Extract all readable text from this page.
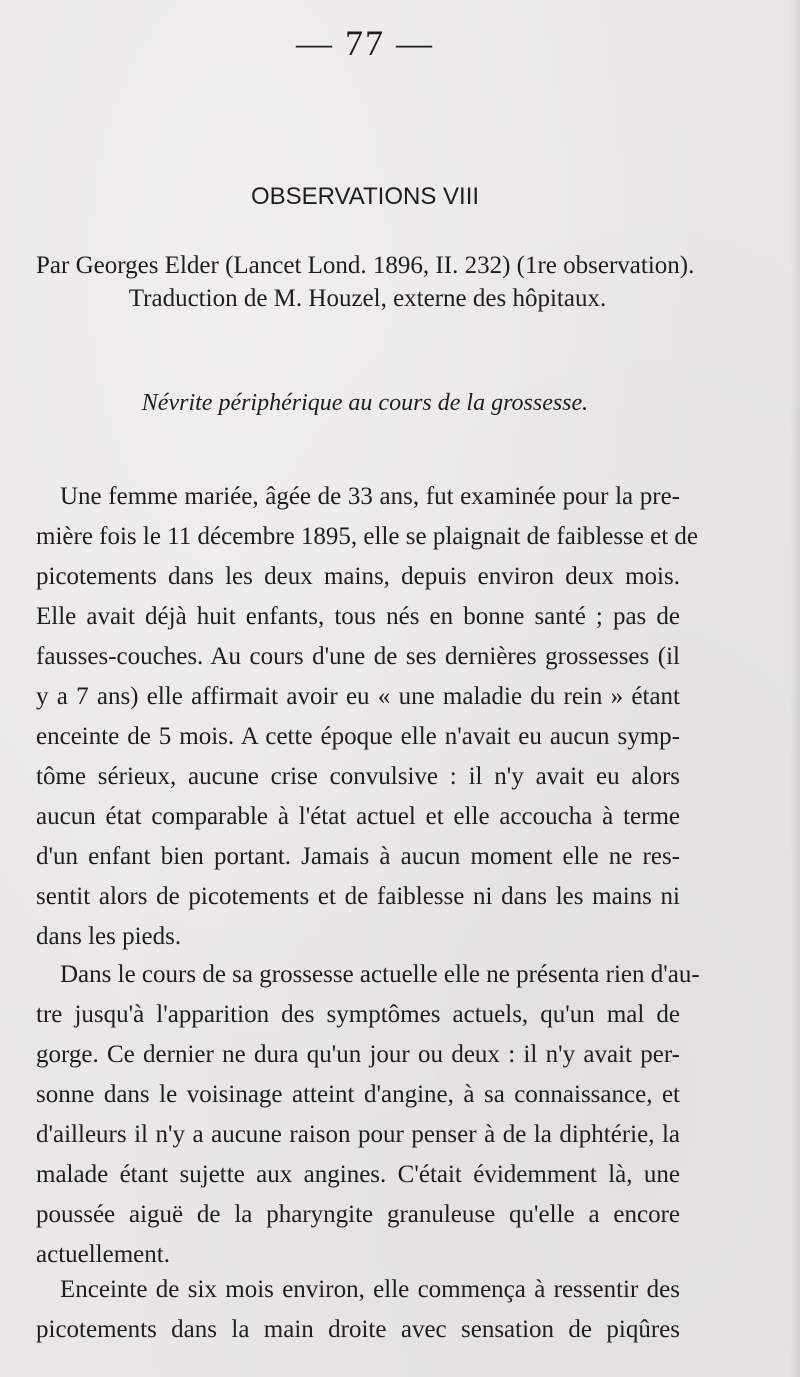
— 77 —
OBSERVATIONS VIII
Par Georges Elder (Lancet Lond. 1896, II. 232) (1re observation).
Traduction de M. Houzel, externe des hôpitaux.
Névrite périphérique au cours de la grossesse.
Une femme mariée, âgée de 33 ans, fut examinée pour la pre-
mière fois le 11 décembre 1895, elle se plaignait de faiblesse et de
picotements dans les deux mains, depuis environ deux mois.
Elle avait déjà huit enfants, tous nés en bonne santé ; pas de
fausses-couches. Au cours d'une de ses dernières grossesses (il
y a 7 ans) elle affirmait avoir eu « une maladie du rein » étant
enceinte de 5 mois. A cette époque elle n'avait eu aucun symp-
tôme sérieux, aucune crise convulsive : il n'y avait eu alors
aucun état comparable à l'état actuel et elle accoucha à terme
d'un enfant bien portant. Jamais à aucun moment elle ne res-
sentit alors de picotements et de faiblesse ni dans les mains ni
dans les pieds.
Dans le cours de sa grossesse actuelle elle ne présenta rien d'au-
tre jusqu'à l'apparition des symptômes actuels, qu'un mal de
gorge. Ce dernier ne dura qu'un jour ou deux : il n'y avait per-
sonne dans le voisinage atteint d'angine, à sa connaissance, et
d'ailleurs il n'y a aucune raison pour penser à de la diphtérie, la
malade étant sujette aux angines. C'était évidemment là, une
poussée aiguë de la pharyngite granuleuse qu'elle a encore
actuellement.
Enceinte de six mois environ, elle commença à ressentir des
picotements dans la main droite avec sensation de piqûres
